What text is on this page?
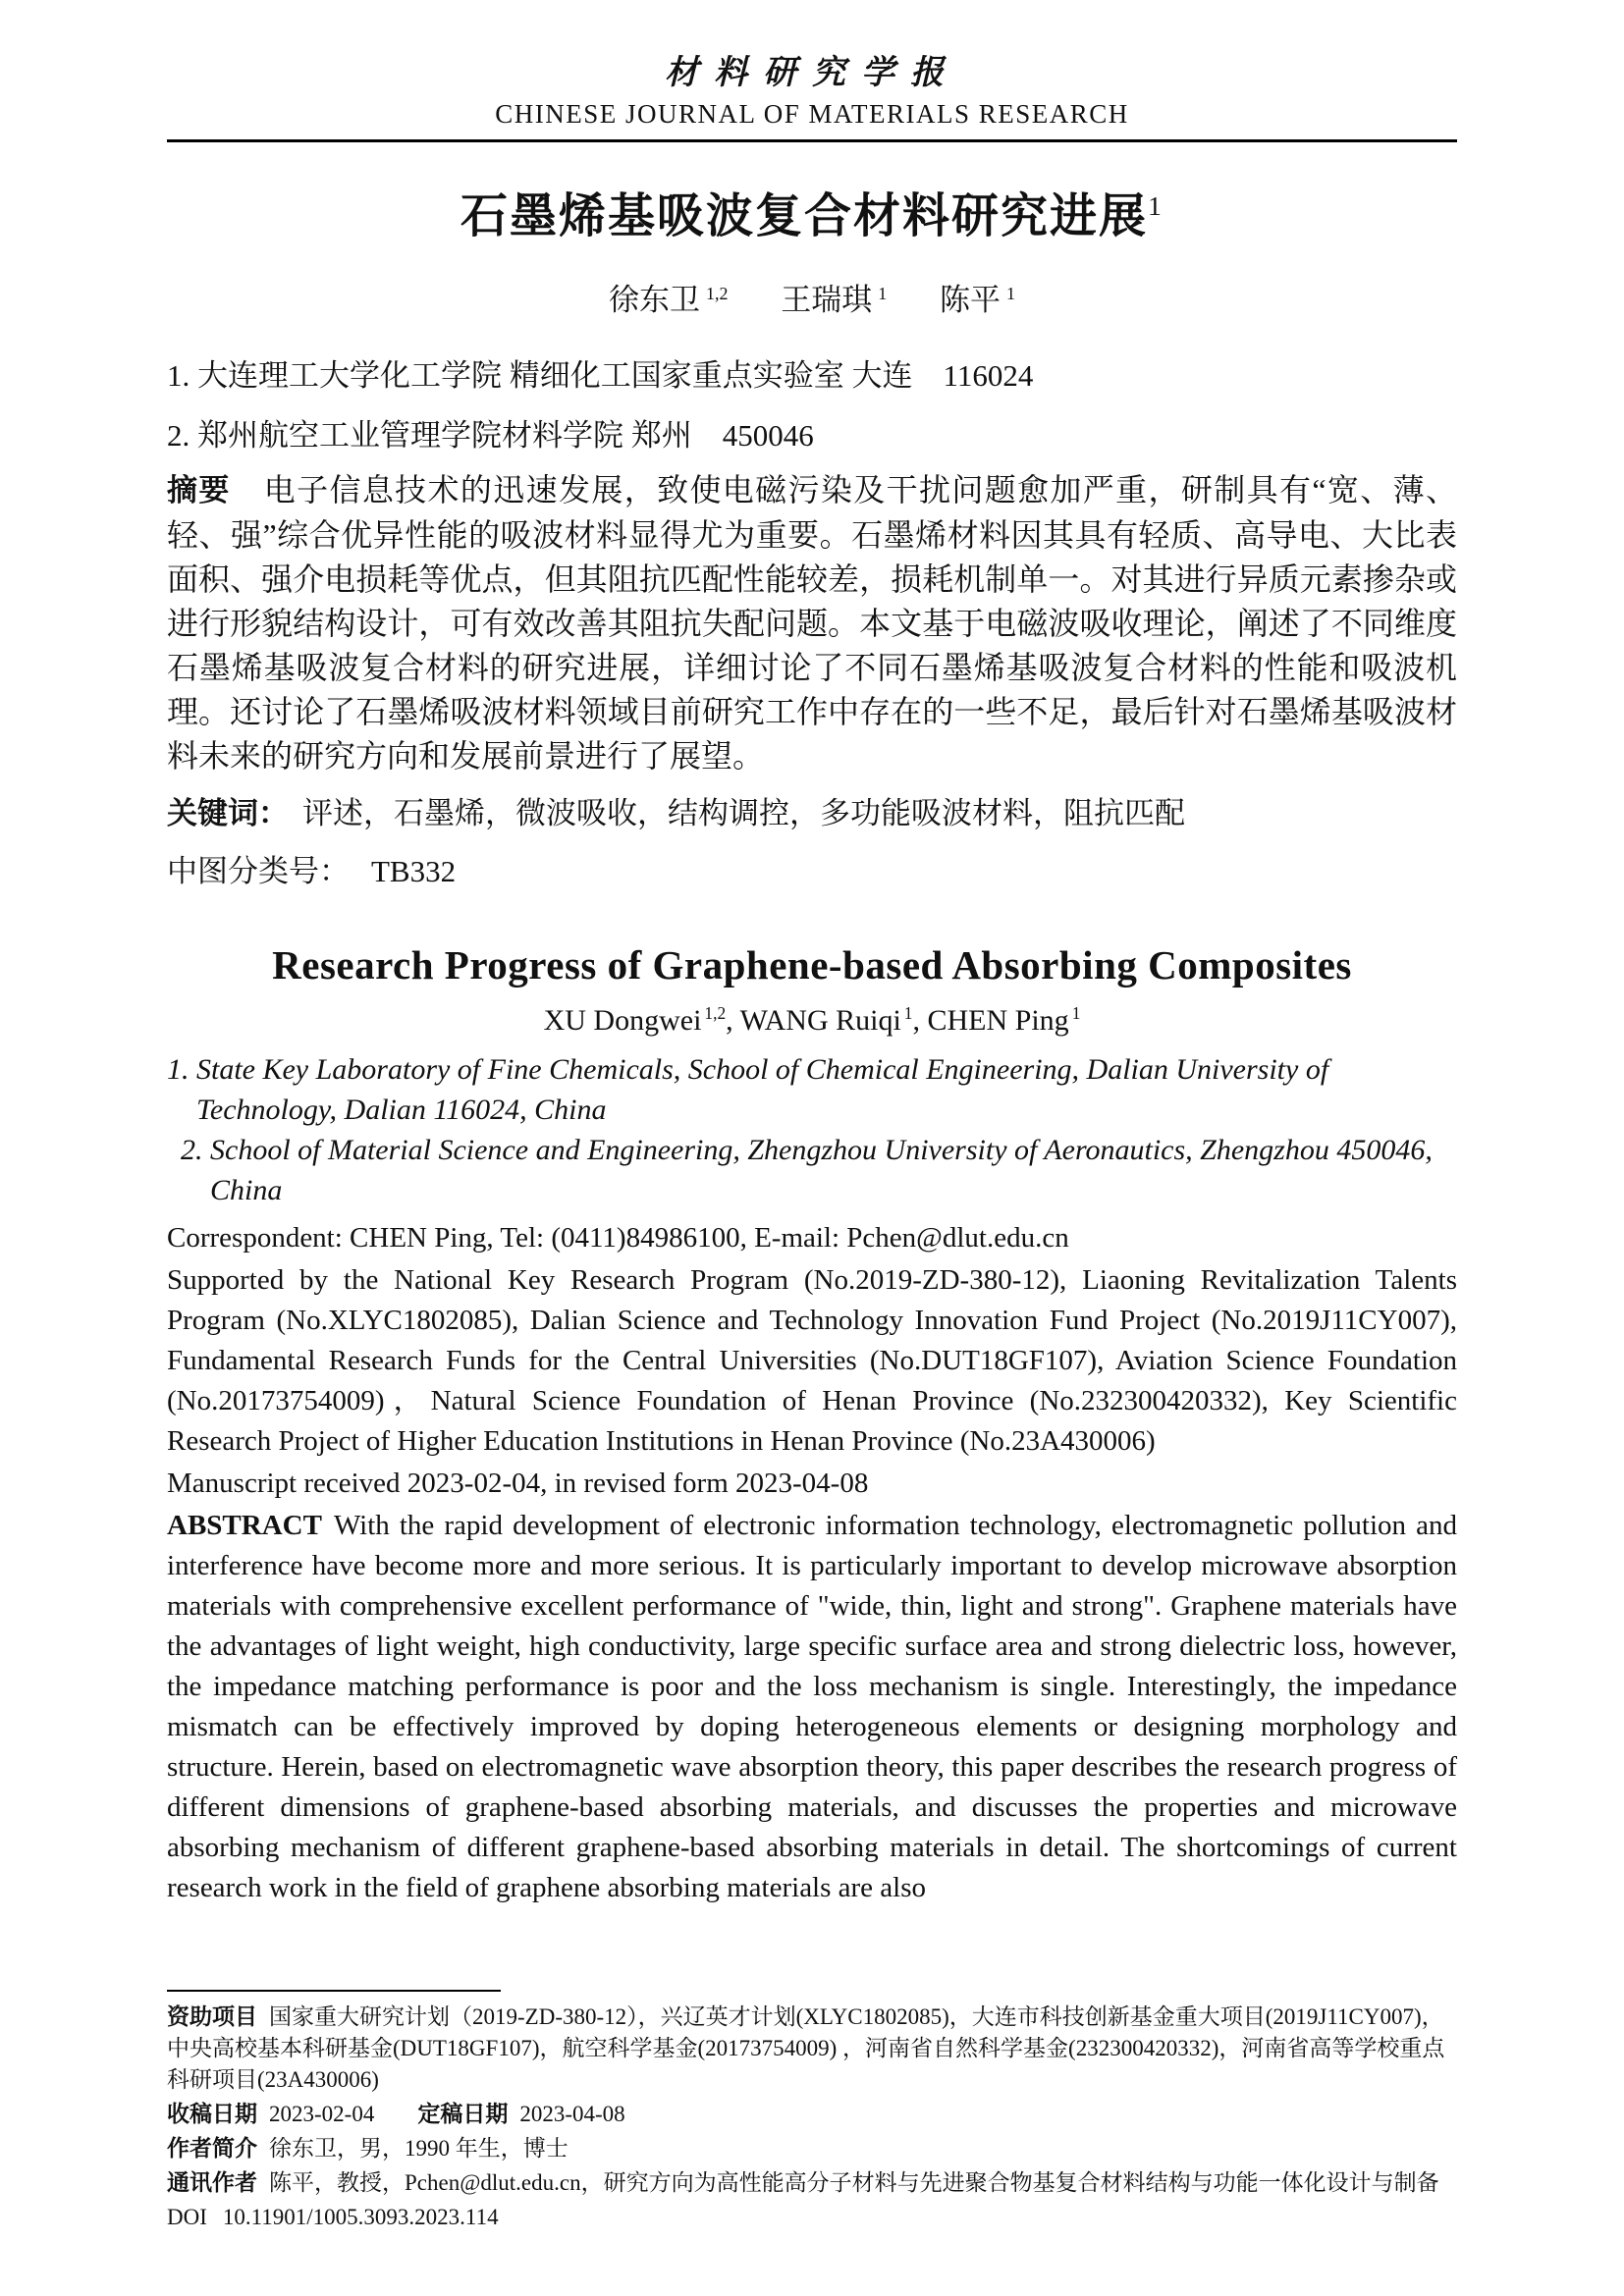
材料研究学报
CHINESE JOURNAL OF MATERIALS RESEARCH
石墨烯基吸波复合材料研究进展$^1$
徐东卫 $^{1,2}$ 王瑞琪 $^1$ 陈平 $^1$
1. 大连理工大学化工学院 精细化工国家重点实验室 大连　116024
2. 郑州航空工业管理学院材料学院 郑州　450046

摘要 电子信息技术的迅速发展，致使电磁污染及干扰问题愈加严重，研制具有“宽、薄、轻、强”综合优异性能的吸波材料显得尤为重要。石墨烯材料因其具有轻质、高导电、大比表面积、强介电损耗等优点，但其阻抗匹配性能较差，损耗机制单一。对其进行异质元素掺杂或进行形貌结构设计，可有效改善其阻抗失配问题。本文基于电磁波吸收理论，阐述了不同维度石墨烯基吸波复合材料的研究进展，详细讨论了不同石墨烯基吸波复合材料的性能和吸波机理。还讨论了石墨烯吸波材料领域目前研究工作中存在的一些不足，最后针对石墨烯基吸波材料未来的研究方向和发展前景进行了展望。

关键词： 评述，石墨烯，微波吸收，结构调控，多功能吸波材料，阻抗匹配

中图分类号： TB332

Research Progress of Graphene-based Absorbing Composites
XU Dongwei $^{1,2}$, WANG Ruiqi $^1$, CHEN Ping $^1$
1. State Key Laboratory of Fine Chemicals, School of Chemical Engineering, Dalian University of Technology, Dalian 116024, China
2. School of Material Science and Engineering, Zhengzhou University of Aeronautics, Zhengzhou 450046, China

Correspondent: CHEN Ping, Tel: (0411)84986100, E-mail: Pchen@dlut.edu.cn

Supported by the National Key Research Program (No.2019-ZD-380-12), Liaoning Revitalization Talents Program (No.XLYC1802085), Dalian Science and Technology Innovation Fund Project (No.2019J11CY007), Fundamental Research Funds for the Central Universities (No.DUT18GF107), Aviation Science Foundation (No.20173754009)，Natural Science Foundation of Henan Province (No.232300420332), Key Scientific Research Project of Higher Education Institutions in Henan Province (No.23A430006)

Manuscript received 2023-02-04, in revised form 2023-04-08

ABSTRACT With the rapid development of electronic information technology, electromagnetic pollution and interference have become more and more serious. It is particularly important to develop microwave absorption materials with comprehensive excellent performance of "wide, thin, light and strong". Graphene materials have the advantages of light weight, high conductivity, large specific surface area and strong dielectric loss, however, the impedance matching performance is poor and the loss mechanism is single. Interestingly, the impedance mismatch can be effectively improved by doping heterogeneous elements or designing morphology and structure. Herein, based on electromagnetic wave absorption theory, this paper describes the research progress of different dimensions of graphene-based absorbing materials, and discusses the properties and microwave absorbing mechanism of different graphene-based absorbing materials in detail. The shortcomings of current research work in the field of graphene absorbing materials are also

资助项目 国家重大研究计划（2019-ZD-380-12），兴辽英才计划(XLYC1802085)，大连市科技创新基金重大项目(2019J11CY007)，中央高校基本科研基金(DUT18GF107)，航空科学基金(20173754009) ，河南省自然科学基金(232300420332)，河南省高等学校重点科研项目(23A430006)

收稿日期 2023-02-04 定稿日期 2023-04-08

作者简介 徐东卫，男，1990 年生，博士

通讯作者 陈平，教授，Pchen@dlut.edu.cn，研究方向为高性能高分子材料与先进聚合物基复合材料结构与功能一体化设计与制备

DOI 10.11901/1005.3093.2023.114
